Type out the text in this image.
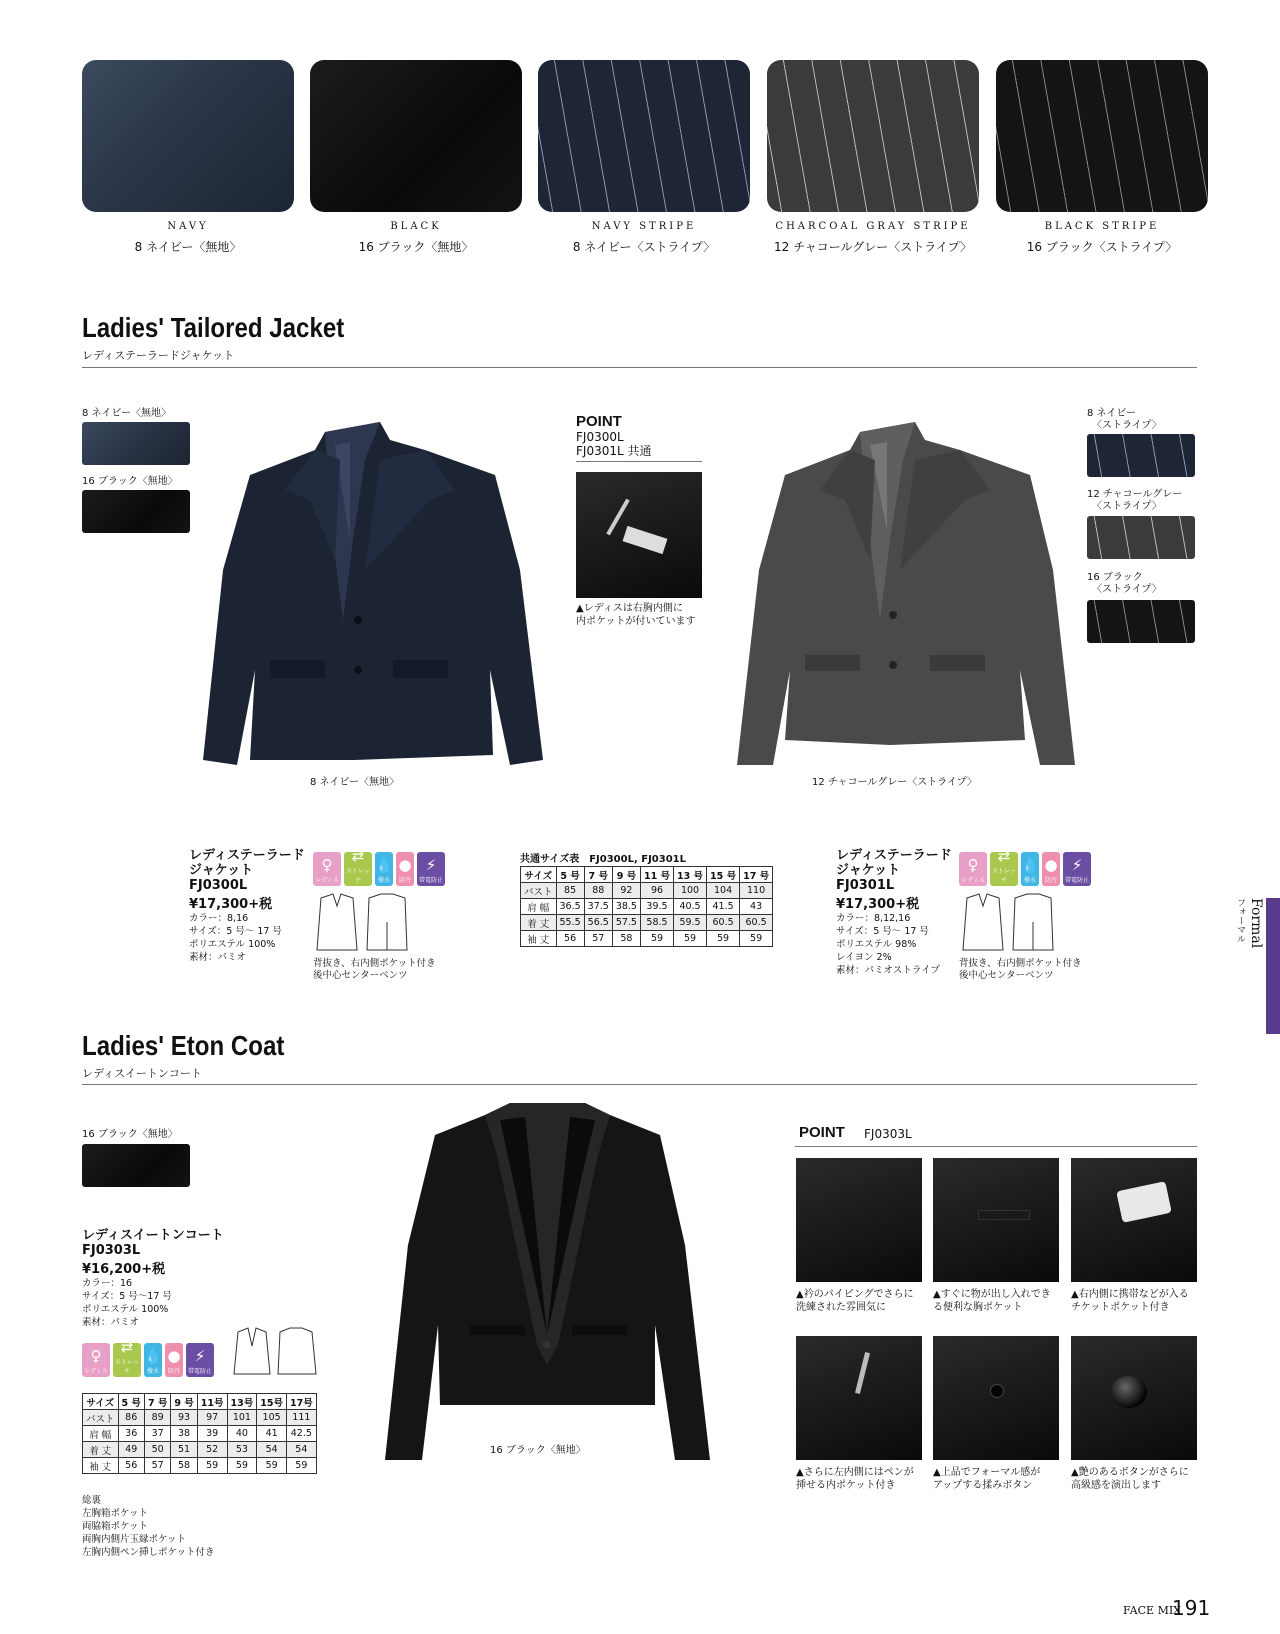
NAVY
8 ネイビー〈無地〉
BLACK
16 ブラック〈無地〉
NAVY STRIPE
8 ネイビー〈ストライプ〉
CHARCOAL GRAY STRIPE
12 チャコールグレー〈ストライプ〉
BLACK STRIPE
16 ブラック〈ストライプ〉
Ladies' Tailored Jacket
レディステーラードジャケット
8 ネイビー〈無地〉
16 ブラック〈無地〉
8 ネイビー〈無地〉
POINT
FJ0300L
FJ0301L 共通
▲レディスは右胸内側に
内ポケットが付いています
12 チャコールグレー〈ストライプ〉
8 ネイビー
〈ストライプ〉
12 チャコールグレー
〈ストライプ〉
16 ブラック
〈ストライプ〉
レディステーラード
ジャケット
FJ0300L
¥17,300+税
カラー：8,16
サイズ：5 号～ 17 号
ポリエステル 100%
素材：パミオ
♀
レディス
⇄
ストレッチ
💧
撥水
●
防汚
⚡
帯電防止
背抜き、右内側ポケット付き
後中心センターベンツ
共通サイズ表　FJ0300L, FJ0301L
サイズ	5 号	7 号	9 号	11 号	13 号	15 号	17 号
バスト	85	88	92	96	100	104	110
肩 幅	36.5	37.5	38.5	39.5	40.5	41.5	43
着 丈	55.5	56.5	57.5	58.5	59.5	60.5	60.5
袖 丈	56	57	58	59	59	59	59
レディステーラード
ジャケット
FJ0301L
¥17,300+税
カラー：8,12,16
サイズ：5 号～ 17 号
ポリエステル 98%
レイヨン 2%
素材：パミオストライプ
♀
レディス
⇄
ストレッチ
💧
撥水
●
防汚
⚡
帯電防止
背抜き、右内側ポケット付き
後中心センターベンツ
Formal
フォーマル
Ladies' Eton Coat
レディスイートンコート
16 ブラック〈無地〉
レディスイートンコート
FJ0303L
¥16,200+税
カラー：16
サイズ：5 号～17 号
ポリエステル 100%
素材：パミオ
♀
レディス
⇄
ストレッチ
💧
撥水
●
防汚
⚡
帯電防止
サイズ	5 号	7 号	9 号	11号	13号	15号	17号
バスト	86	89	93	97	101	105	111
肩 幅	36	37	38	39	40	41	42.5
着 丈	49	50	51	52	53	54	54
袖 丈	56	57	58	59	59	59	59
総裏
左胸箱ポケット
両脇箱ポケット
両胸内側片玉縁ポケット
左胸内側ペン挿しポケット付き
16 ブラック〈無地〉
POINT FJ0303L
▲衿のパイピングでさらに
洗練された雰囲気に
▲すぐに物が出し入れでき
る便利な胸ポケット
▲右内側に携帯などが入る
チケットポケット付き
▲さらに左内側にはペンが
挿せる内ポケット付き
▲上品でフォーマル感が
アップする揉みボタン
▲艶のあるボタンがさらに
高級感を演出します
FACE MIX
191
